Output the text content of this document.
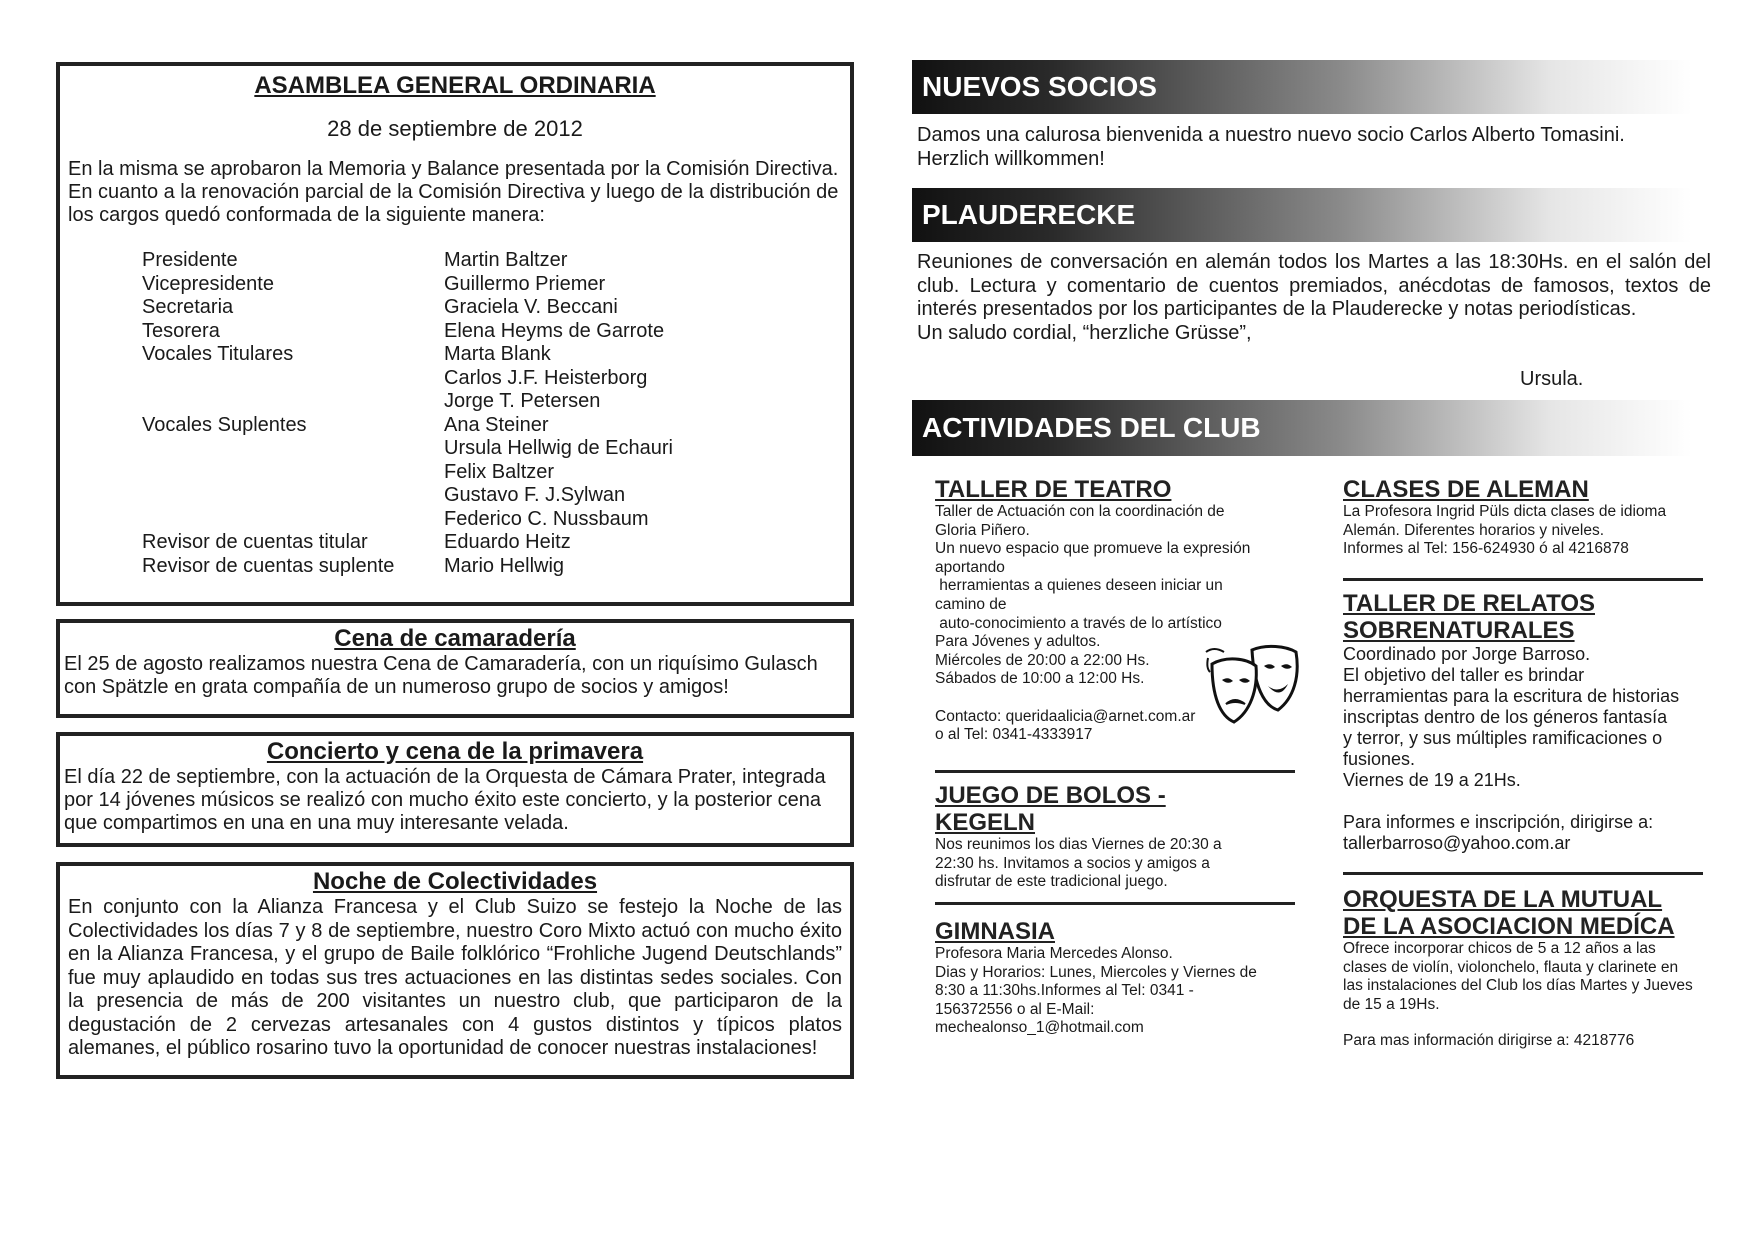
ASAMBLEA GENERAL ORDINARIA
28 de septiembre de 2012
En la misma se aprobaron la Memoria y Balance presentada por la Comisión Directiva. En cuanto a la renovación parcial de la Comisión Directiva y luego de la distribución de los cargos quedó conformada de la siguiente manera:
Presidente	Martin Baltzer
Vicepresidente	Guillermo Priemer
Secretaria	Graciela V. Beccani
Tesorera	Elena Heyms de Garrote
Vocales Titulares	Marta Blank
Carlos J.F. Heisterborg
Jorge T. Petersen
Vocales Suplentes	Ana Steiner
Ursula Hellwig de Echauri
Felix Baltzer
Gustavo F. J.Sylwan
Federico C. Nussbaum
Revisor de cuentas titular	Eduardo Heitz
Revisor de cuentas suplente	Mario Hellwig
Cena de camaradería
El 25 de agosto realizamos nuestra Cena de Camaradería, con un riquísimo Gulasch con Spätzle en grata compañía de un numeroso grupo de socios y amigos!
Concierto y cena de la primavera
El día 22 de septiembre, con la actuación de la Orquesta de Cámara Prater, integrada por 14 jóvenes músicos se realizó con mucho éxito este concierto, y la posterior cena que compartimos en una en una muy interesante velada.
Noche de Colectividades
En conjunto con la Alianza Francesa y el Club Suizo se festejo la Noche de las Colectividades los días 7 y 8 de septiembre, nuestro Coro Mixto actuó con mucho éxito en la Alianza Francesa, y el grupo de Baile folklórico “Frohliche Jugend Deutschlands” fue muy aplaudido en todas sus tres actuaciones en las distintas sedes sociales. Con la presencia de más de 200 visitantes un nuestro club, que participaron de la degustación de 2 cervezas artesanales con 4 gustos distintos y típicos platos alemanes, el público rosarino tuvo la oportunidad de conocer nuestras instalaciones!
NUEVOS SOCIOS
Damos una calurosa bienvenida a nuestro nuevo socio Carlos Alberto Tomasini.
Herzlich willkommen!
PLAUDERECKE
Reuniones de conversación en alemán todos los Martes a las 18:30Hs. en el salón del club. Lectura y comentario de cuentos premiados, anécdotas de famosos, textos de interés presentados por los participantes de la Plauderecke y notas periodísticas.
Un saludo cordial, “herzliche Grüsse”,
Ursula.
ACTIVIDADES DEL CLUB
TALLER DE TEATRO
Taller de Actuación con la coordinación de
Gloria Piñero.
Un nuevo espacio que promueve la expresión
aportando
herramientas a quienes deseen iniciar un
camino de
auto-conocimiento a través de lo artístico
Para Jóvenes y adultos.
Miércoles de 20:00 a 22:00 Hs.
Sábados de 10:00 a 12:00 Hs.
Contacto: queridaalicia@arnet.com.ar
o al Tel: 0341-4333917
JUEGO DE BOLOS -
KEGELN
Nos reunimos los dias Viernes de 20:30 a 22:30 hs. Invitamos a socios y amigos a disfrutar de este tradicional juego.
GIMNASIA
Profesora Maria Mercedes Alonso.
Dias y Horarios: Lunes, Miercoles y Viernes de
8:30 a 11:30hs.Informes al Tel: 0341 -
156372556 o al E-Mail:
mechealonso_1@hotmail.com
CLASES DE ALEMAN
La Profesora Ingrid Püls dicta clases de idioma
Alemán. Diferentes horarios y niveles.
Informes al Tel: 156-624930 ó al 4216878
TALLER DE RELATOS
SOBRENATURALES
Coordinado por Jorge Barroso.
El objetivo del taller es brindar
herramientas para la escritura de historias
inscriptas dentro de los géneros fantasía
y terror, y sus múltiples ramificaciones o
fusiones.
Viernes de 19 a 21Hs.
Para informes e inscripción, dirigirse a:
tallerbarroso@yahoo.com.ar
ORQUESTA DE LA MUTUAL
DE LA ASOCIACION MEDÍCA
Ofrece incorporar chicos de 5 a 12 años a las clases de violín, violonchelo, flauta y clarinete en las instalaciones del Club los días Martes y Jueves de 15 a 19Hs.
Para mas información dirigirse a: 4218776
